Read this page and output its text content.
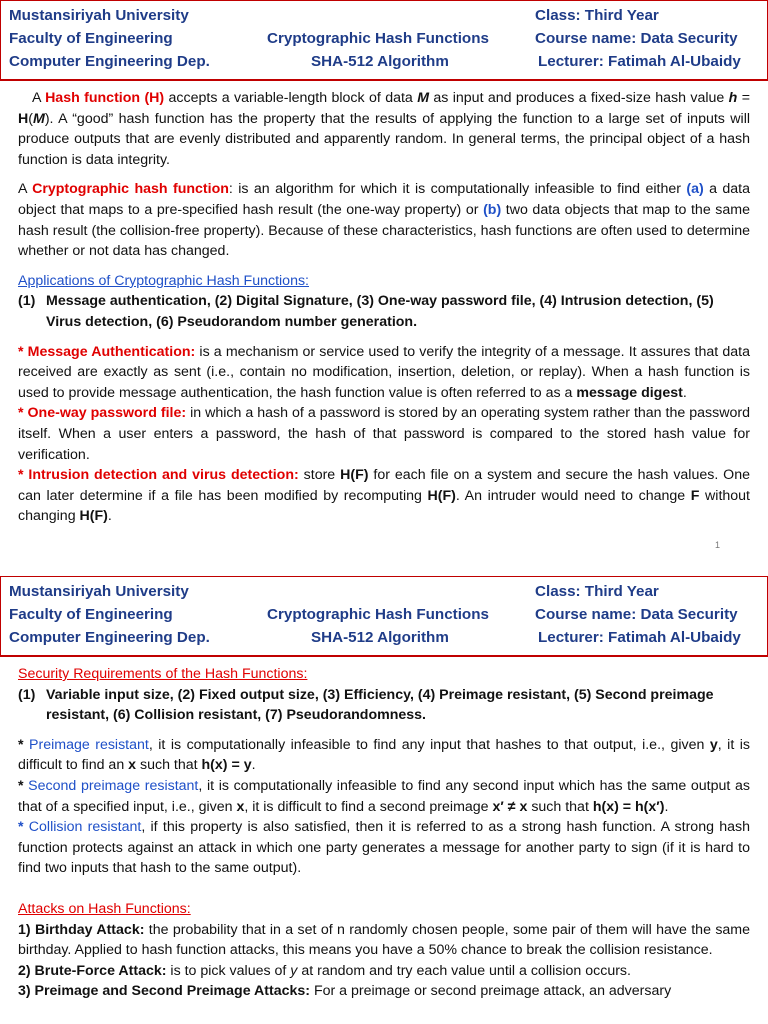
Mustansiriyah University
Faculty of Engineering
Computer Engineering Dep.
Cryptographic Hash Functions
SHA-512 Algorithm
Class: Third Year
Course name: Data Security
Lecturer: Fatimah Al-Ubaidy

A Hash function (H) accepts a variable-length block of data M as input and produces a fixed-size hash value h = H(M). A “good” hash function has the property that the results of applying the function to a large set of inputs will produce outputs that are evenly distributed and apparently random. In general terms, the principal object of a hash function is data integrity.

A Cryptographic hash function: is an algorithm for which it is computationally infeasible to find either (a) a data object that maps to a pre-specified hash result (the one-way property) or (b) two data objects that map to the same hash result (the collision-free property). Because of these characteristics, hash functions are often used to determine whether or not data has changed.

Applications of Cryptographic Hash Functions:
(1) Message authentication, (2) Digital Signature, (3) One-way password file, (4) Intrusion detection, (5) Virus detection, (6) Pseudorandom number generation.

* Message Authentication: is a mechanism or service used to verify the integrity of a message. It assures that data received are exactly as sent (i.e., contain no modification, insertion, deletion, or replay). When a hash function is used to provide message authentication, the hash function value is often referred to as a message digest.

* One-way password file: in which a hash of a password is stored by an operating system rather than the password itself. When a user enters a password, the hash of that password is compared to the stored hash value for verification.

* Intrusion detection and virus detection: store H(F) for each file on a system and secure the hash values. One can later determine if a file has been modified by recomputing H(F). An intruder would need to change F without changing H(F).

1
Mustansiriyah University
Faculty of Engineering
Computer Engineering Dep.
Cryptographic Hash Functions
SHA-512 Algorithm
Class: Third Year
Course name: Data Security
Lecturer: Fatimah Al-Ubaidy
Security Requirements of the Hash Functions:
(1) Variable input size, (2) Fixed output size, (3) Efficiency, (4) Preimage resistant, (5) Second preimage resistant, (6) Collision resistant, (7) Pseudorandomness.

* Preimage resistant, it is computationally infeasible to find any input that hashes to that output, i.e., given y, it is difficult to find an x such that h(x) = y.

* Second preimage resistant, it is computationally infeasible to find any second input which has the same output as that of a specified input, i.e., given x, it is difficult to find a second preimage x′ ≠ x such that h(x) = h(x′).

* Collision resistant, if this property is also satisfied, then it is referred to as a strong hash function. A strong hash function protects against an attack in which one party generates a message for another party to sign (if it is hard to find two inputs that hash to the same output).

Attacks on Hash Functions:

1) Birthday Attack: the probability that in a set of n randomly chosen people, some pair of them will have the same birthday. Applied to hash function attacks, this means you have a 50% chance to break the collision resistance.

2) Brute-Force Attack: is to pick values of y at random and try each value until a collision occurs.

3) Preimage and Second Preimage Attacks: For a preimage or second preimage attack, an adversary
